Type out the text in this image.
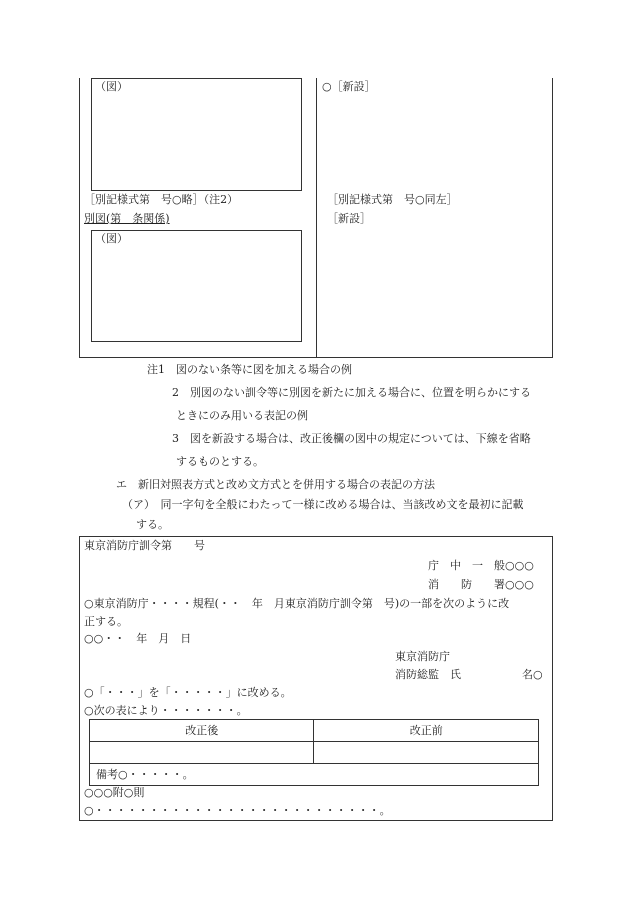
（図）
［別記様式第　号○略］（注2）
別図(第　条関係)
（図）
○［新設］
［別記様式第　号○同左］
［新設］
注1　図のない条等に図を加える場合の例
2　別図のない訓令等に別図を新たに加える場合に、位置を明らかにする
ときにのみ用いる表記の例
3　図を新設する場合は、改正後欄の図中の規定については、下線を省略
するものとする。
エ　新旧対照表方式と改め文方式とを併用する場合の表記の方法
（ア）　同一字句を全般にわたって一様に改める場合は、当該改め文を最初に記載
する。
東京消防庁訓令第　　号
庁　中　一　般○○○
消　　防　　署○○○
○東京消防庁・・・・規程(・・　年　月東京消防庁訓令第　号)の一部を次のように改
正する。
○○・・　年　月　日
東京消防庁
消防総監　氏	名○
○「・・・」を「・・・・・」に改める。
○次の表により・・・・・・・。
改正後	改正前

備考○・・・・・。	
○○○附○則
○・・・・・・・・・・・・・・・・・・・・・・・・・・。
